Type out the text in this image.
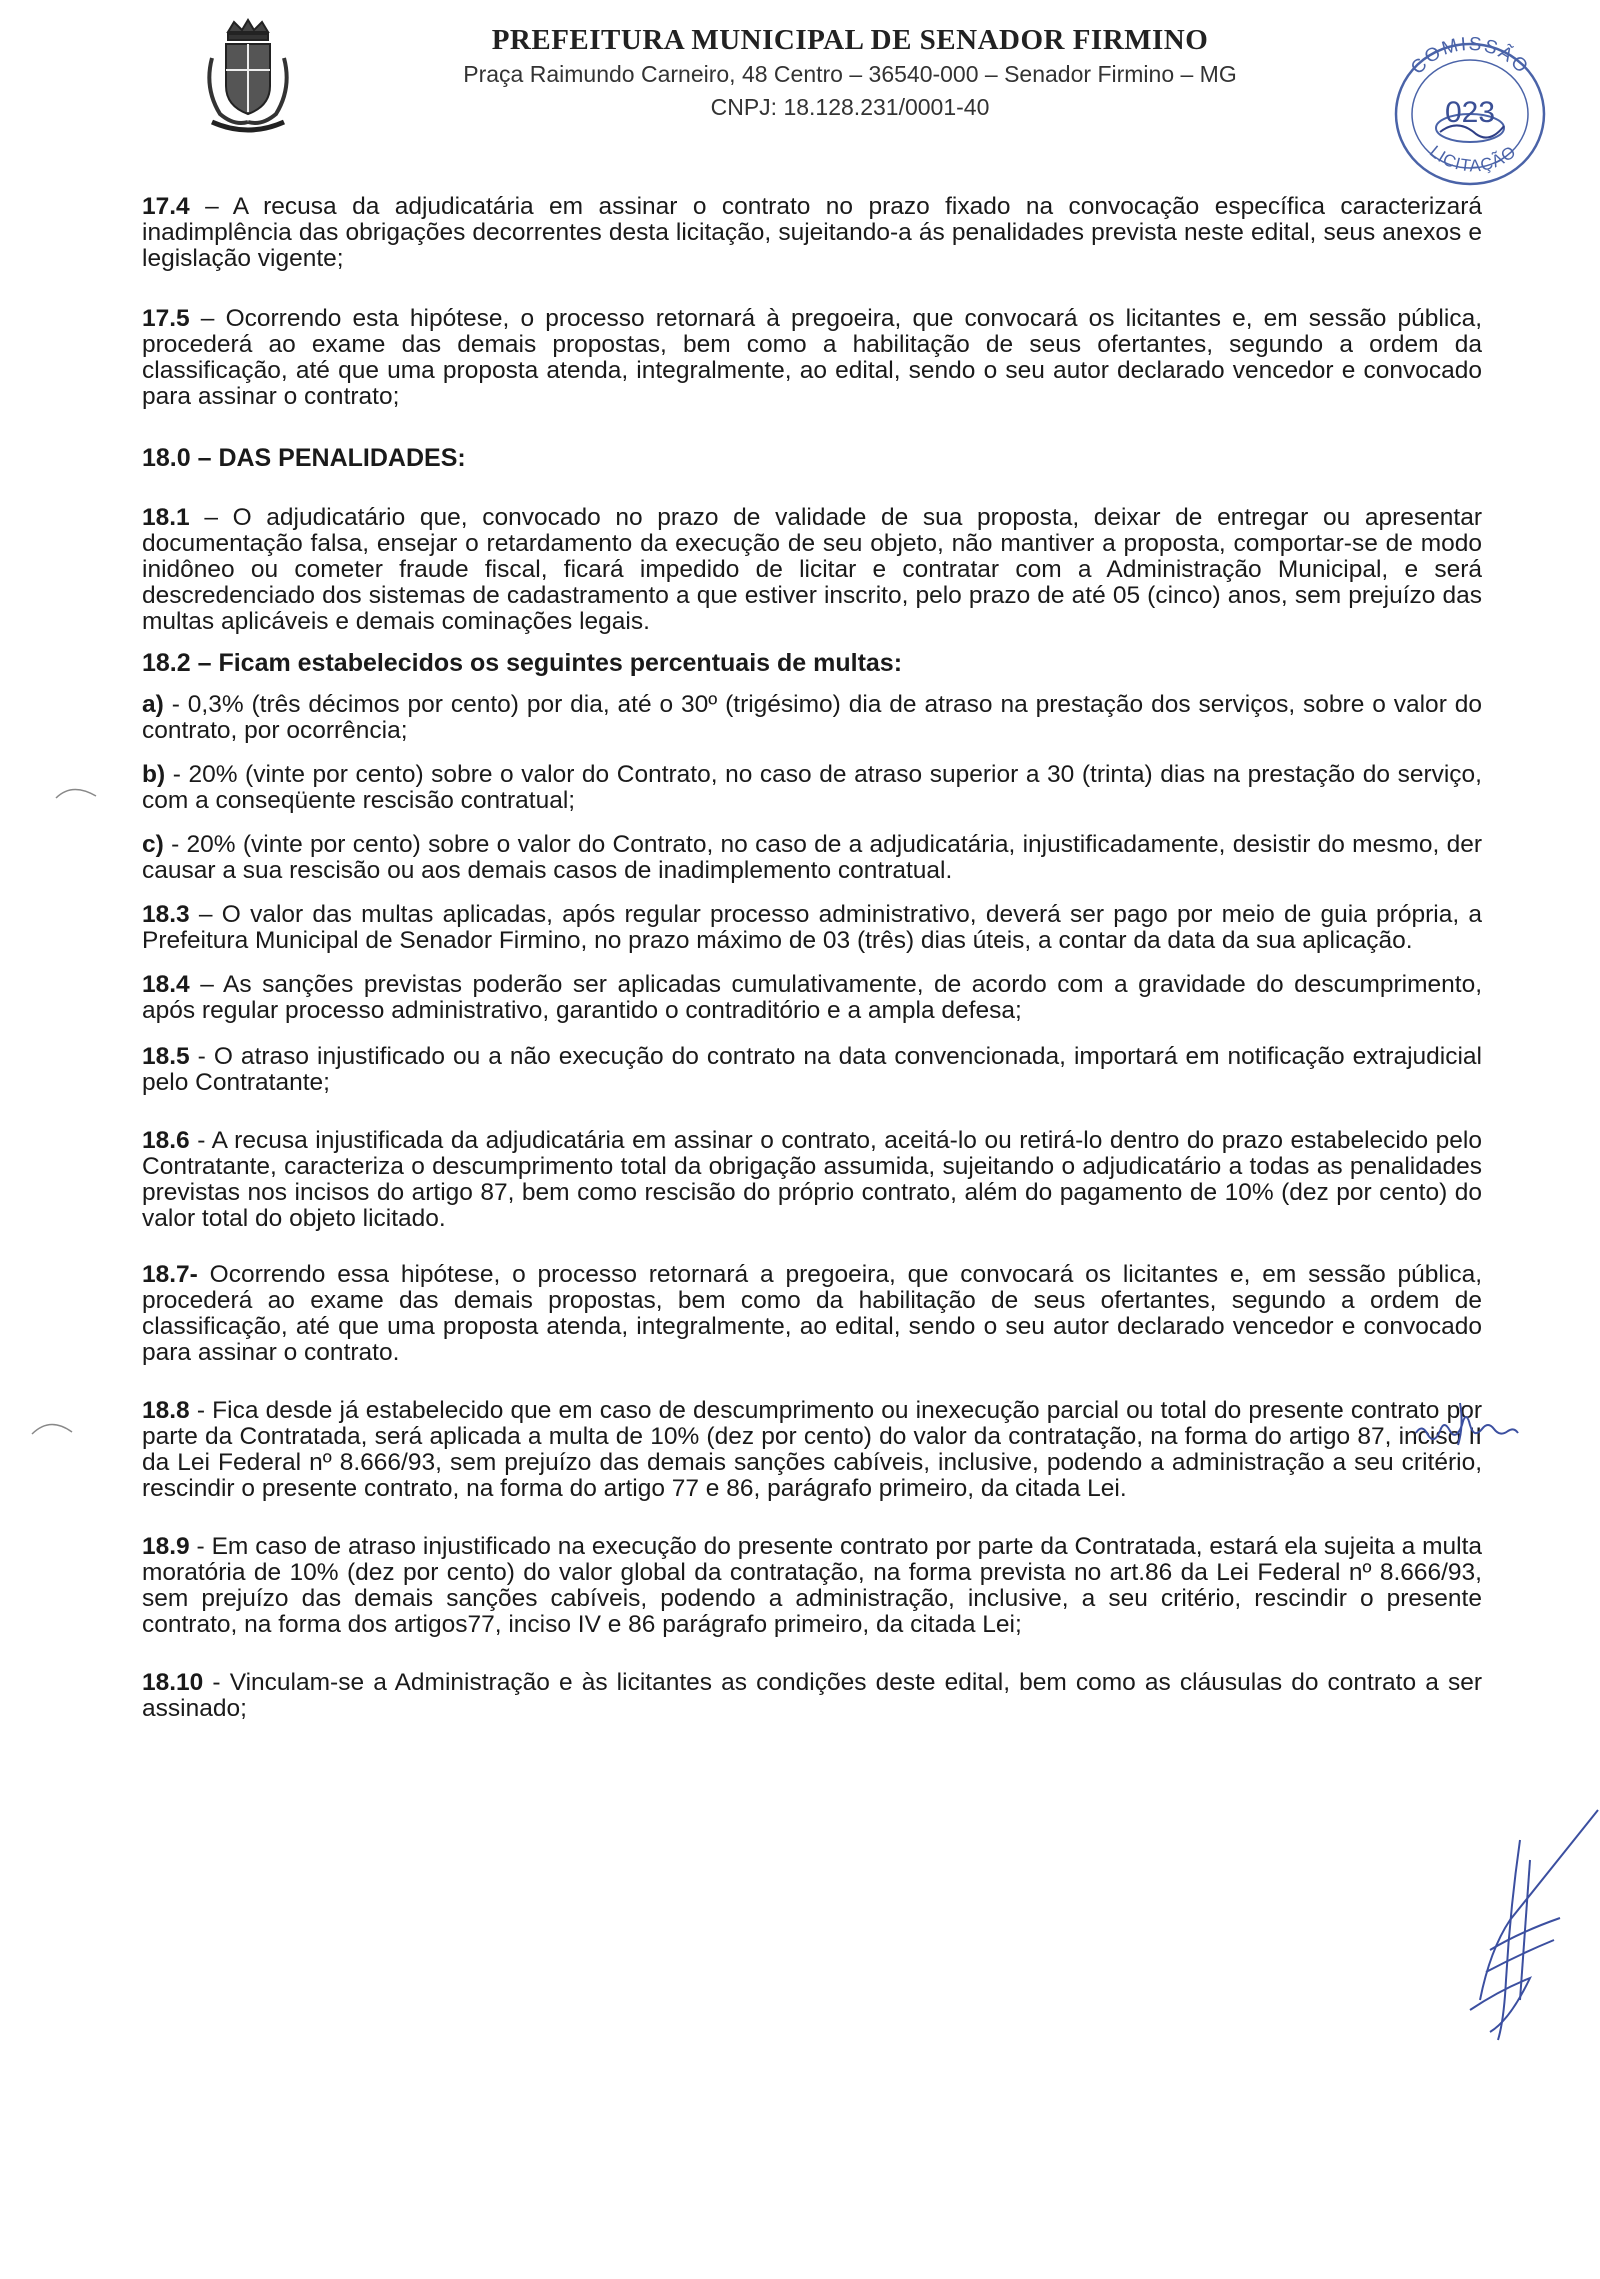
PREFEITURA MUNICIPAL DE SENADOR FIRMINO
Praça Raimundo Carneiro, 48 Centro – 36540-000 – Senador Firmino – MG
CNPJ: 18.128.231/0001-40
COMISSÃO
023
LICITAÇÃO

17.4 – A recusa da adjudicatária em assinar o contrato no prazo fixado na convocação específica caracterizará inadimplência das obrigações decorrentes desta licitação, sujeitando-a ás penalidades prevista neste edital, seus anexos e legislação vigente;

17.5 – Ocorrendo esta hipótese, o processo retornará à pregoeira, que convocará os licitantes e, em sessão pública, procederá ao exame das demais propostas, bem como a habilitação de seus ofertantes, segundo a ordem da classificação, até que uma proposta atenda, integralmente, ao edital, sendo o seu autor declarado vencedor e convocado para assinar o contrato;

18.0 – DAS PENALIDADES:

18.1 – O adjudicatário que, convocado no prazo de validade de sua proposta, deixar de entregar ou apresentar documentação falsa, ensejar o retardamento da execução de seu objeto, não mantiver a proposta, comportar-se de modo inidôneo ou cometer fraude fiscal, ficará impedido de licitar e contratar com a Administração Municipal, e será descredenciado dos sistemas de cadastramento a que estiver inscrito, pelo prazo de até 05 (cinco) anos, sem prejuízo das multas aplicáveis e demais cominações legais.

18.2 – Ficam estabelecidos os seguintes percentuais de multas:

a) - 0,3% (três décimos por cento) por dia, até o 30º (trigésimo) dia de atraso na prestação dos serviços, sobre o valor do contrato, por ocorrência;

b) - 20% (vinte por cento) sobre o valor do Contrato, no caso de atraso superior a 30 (trinta) dias na prestação do serviço, com a conseqüente rescisão contratual;

c) - 20% (vinte por cento) sobre o valor do Contrato, no caso de a adjudicatária, injustificadamente, desistir do mesmo, der causar a sua rescisão ou aos demais casos de inadimplemento contratual.

18.3 – O valor das multas aplicadas, após regular processo administrativo, deverá ser pago por meio de guia própria, a Prefeitura Municipal de Senador Firmino, no prazo máximo de 03 (três) dias úteis, a contar da data da sua aplicação.

18.4 – As sanções previstas poderão ser aplicadas cumulativamente, de acordo com a gravidade do descumprimento, após regular processo administrativo, garantido o contraditório e a ampla defesa;

18.5 - O atraso injustificado ou a não execução do contrato na data convencionada, importará em notificação extrajudicial pelo Contratante;

18.6 - A recusa injustificada da adjudicatária em assinar o contrato, aceitá-lo ou retirá-lo dentro do prazo estabelecido pelo Contratante, caracteriza o descumprimento total da obrigação assumida, sujeitando o adjudicatário a todas as penalidades previstas nos incisos do artigo 87, bem como rescisão do próprio contrato, além do pagamento de 10% (dez por cento) do valor total do objeto licitado.

18.7- Ocorrendo essa hipótese, o processo retornará a pregoeira, que convocará os licitantes e, em sessão pública, procederá ao exame das demais propostas, bem como da habilitação de seus ofertantes, segundo a ordem de classificação, até que uma proposta atenda, integralmente, ao edital, sendo o seu autor declarado vencedor e convocado para assinar o contrato.

18.8 - Fica desde já estabelecido que em caso de descumprimento ou inexecução parcial ou total do presente contrato por parte da Contratada, será aplicada a multa de 10% (dez por cento) do valor da contratação, na forma do artigo 87, inciso II da Lei Federal nº 8.666/93, sem prejuízo das demais sanções cabíveis, inclusive, podendo a administração a seu critério, rescindir o presente contrato, na forma do artigo 77 e 86, parágrafo primeiro, da citada Lei.

18.9 - Em caso de atraso injustificado na execução do presente contrato por parte da Contratada, estará ela sujeita a multa moratória de 10% (dez por cento) do valor global da contratação, na forma prevista no art.86 da Lei Federal nº 8.666/93, sem prejuízo das demais sanções cabíveis, podendo a administração, inclusive, a seu critério, rescindir o presente contrato, na forma dos artigos77, inciso IV e 86 parágrafo primeiro, da citada Lei;

18.10 - Vinculam-se a Administração e às licitantes as condições deste edital, bem como as cláusulas do contrato a ser assinado;
